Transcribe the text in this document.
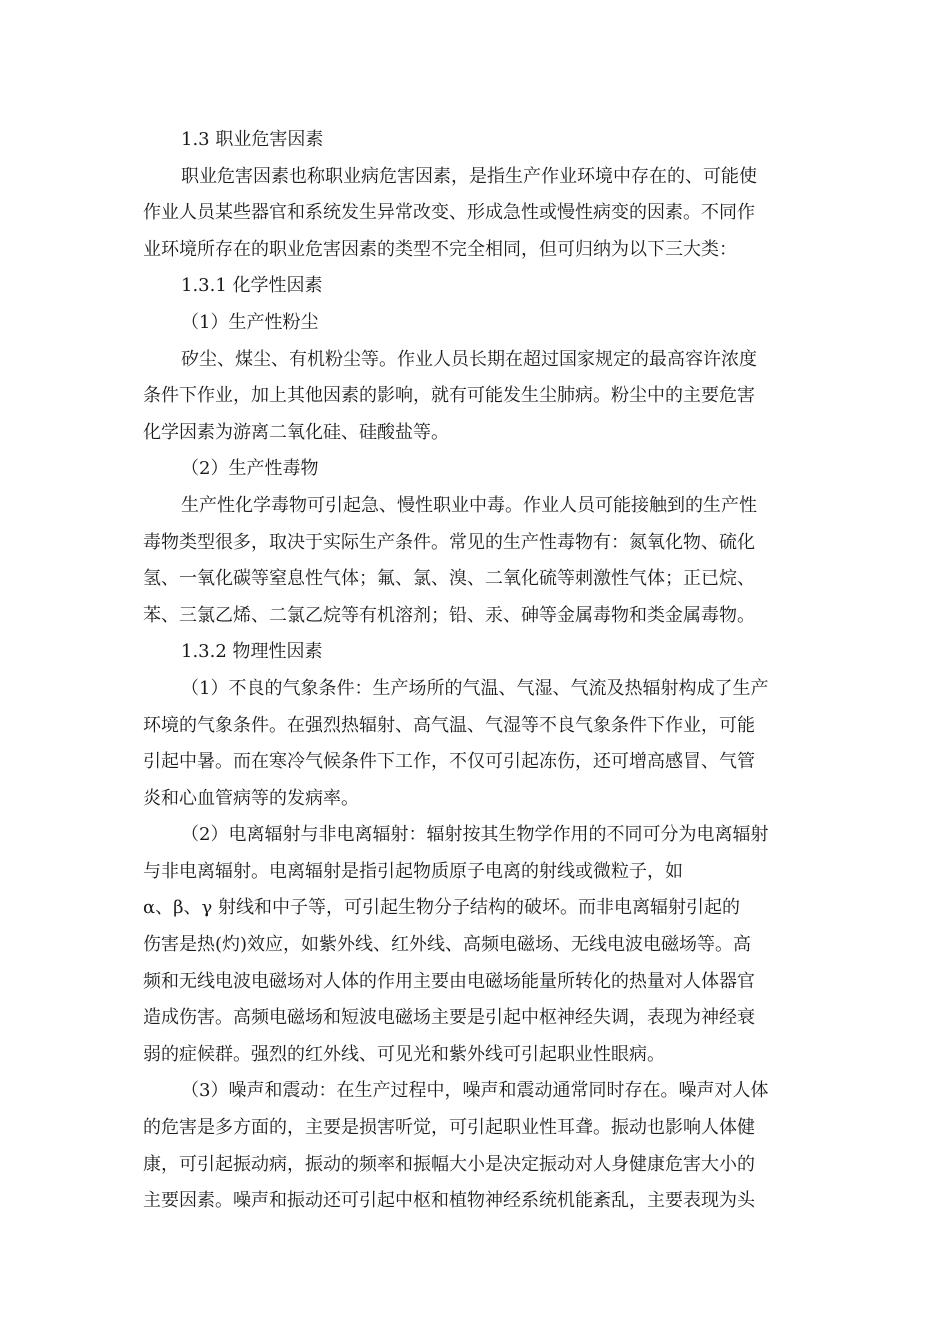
1.3 职业危害因素

职业危害因素也称职业病危害因素，是指生产作业环境中存在的、可能使

作业人员某些器官和系统发生异常改变、形成急性或慢性病变的因素。不同作

业环境所存在的职业危害因素的类型不完全相同，但可归纳为以下三大类：

1.3.1 化学性因素

（1）生产性粉尘

矽尘、煤尘、有机粉尘等。作业人员长期在超过国家规定的最高容许浓度

条件下作业，加上其他因素的影响，就有可能发生尘肺病。粉尘中的主要危害

化学因素为游离二氧化硅、硅酸盐等。

（2）生产性毒物

生产性化学毒物可引起急、慢性职业中毒。作业人员可能接触到的生产性

毒物类型很多，取决于实际生产条件。常见的生产性毒物有：氮氧化物、硫化

氢、一氧化碳等窒息性气体；氟、氯、溴、二氧化硫等刺激性气体；正已烷、

苯、三氯乙烯、二氯乙烷等有机溶剂；铅、汞、砷等金属毒物和类金属毒物。

1.3.2 物理性因素

（1）不良的气象条件：生产场所的气温、气湿、气流及热辐射构成了生产

环境的气象条件。在强烈热辐射、高气温、气湿等不良气象条件下作业，可能

引起中暑。而在寒冷气候条件下工作，不仅可引起冻伤，还可增高感冒、气管

炎和心血管病等的发病率。

（2）电离辐射与非电离辐射：辐射按其生物学作用的不同可分为电离辐射

与非电离辐射。电离辐射是指引起物质原子电离的射线或微粒子，如

α、β、γ 射线和中子等，可引起生物分子结构的破坏。而非电离辐射引起的

伤害是热(灼)效应，如紫外线、红外线、高频电磁场、无线电波电磁场等。高

频和无线电波电磁场对人体的作用主要由电磁场能量所转化的热量对人体器官

造成伤害。高频电磁场和短波电磁场主要是引起中枢神经失调，表现为神经衰

弱的症候群。强烈的红外线、可见光和紫外线可引起职业性眼病。

（3）噪声和震动：在生产过程中，噪声和震动通常同时存在。噪声对人体

的危害是多方面的，主要是损害听觉，可引起职业性耳聋。振动也影响人体健

康，可引起振动病，振动的频率和振幅大小是决定振动对人身健康危害大小的

主要因素。噪声和振动还可引起中枢和植物神经系统机能紊乱，主要表现为头
